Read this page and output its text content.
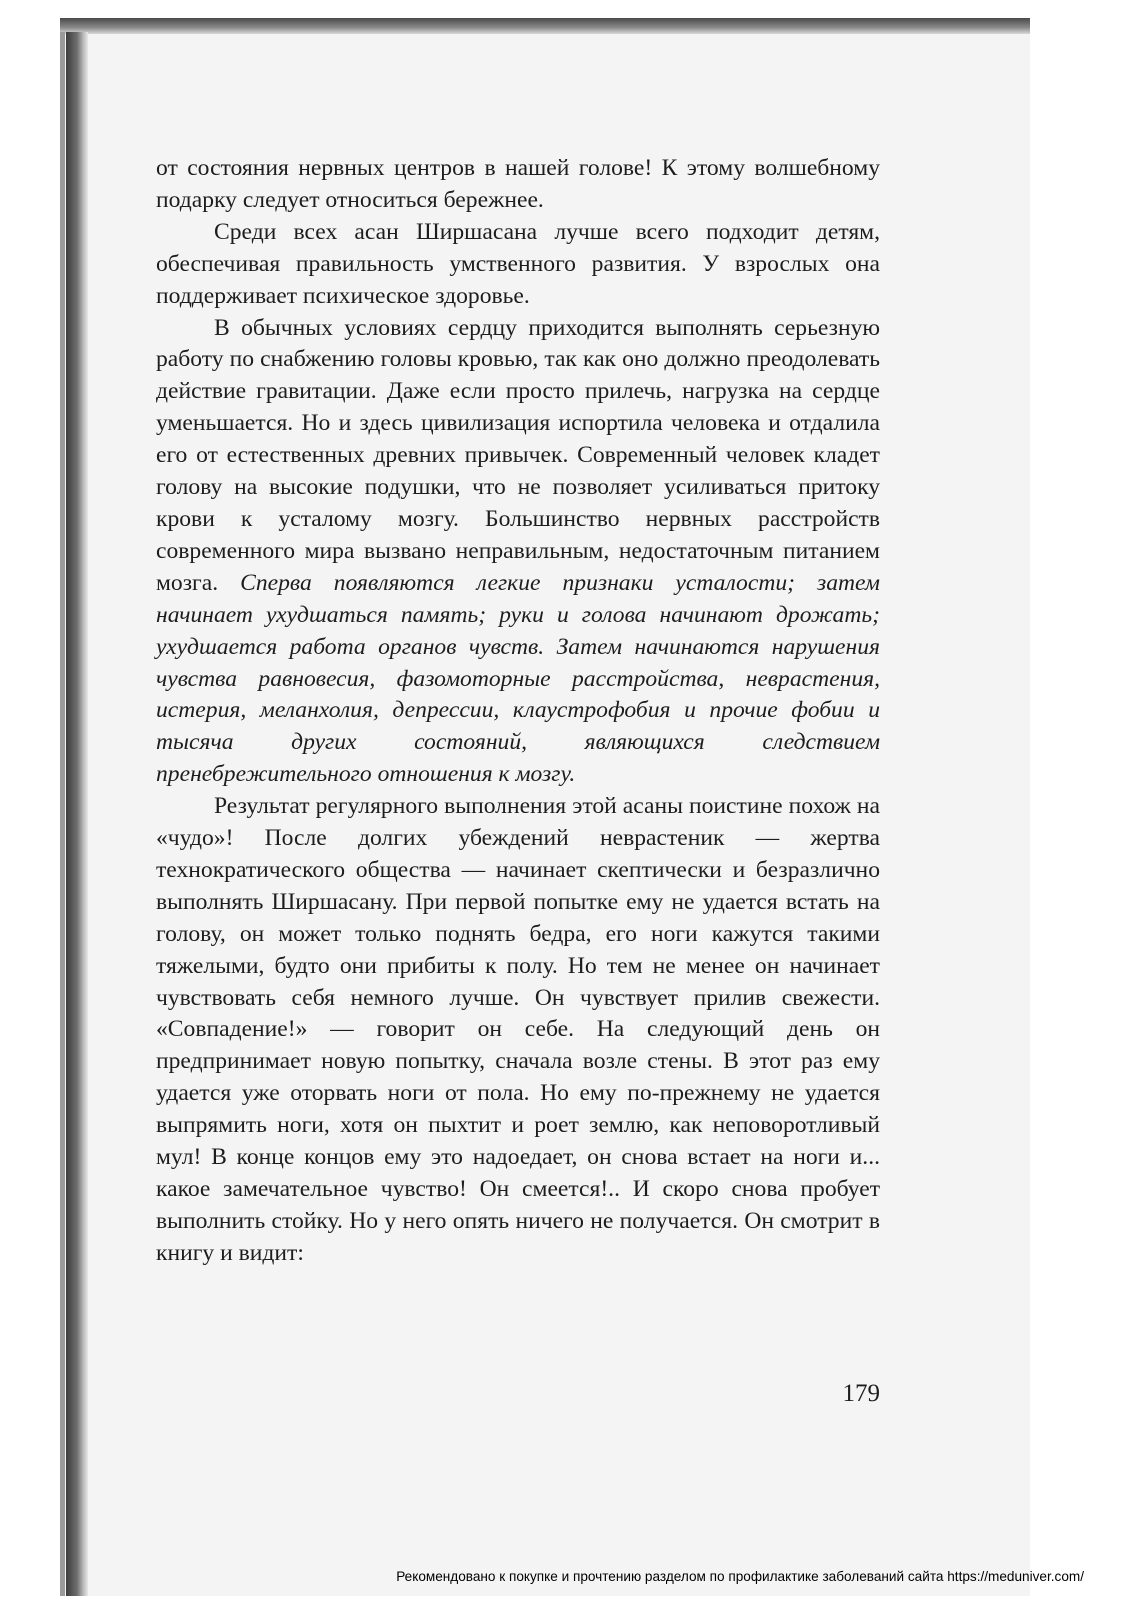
от состояния нервных центров в нашей голове! К этому волшебному подарку следует относиться бережнее.

Среди всех асан Ширшасана лучше всего подходит детям, обеспечивая правильность умственного развития. У взрослых она поддерживает психическое здоровье.

В обычных условиях сердцу приходится выполнять серьезную работу по снабжению головы кровью, так как оно должно преодолевать действие гравитации. Даже если просто прилечь, нагрузка на сердце уменьшается. Но и здесь цивилизация испортила человека и отдалила его от естественных древних привычек. Современный человек кладет голову на высокие подушки, что не позволяет усиливаться притоку крови к усталому мозгу. Большинство нервных расстройств современного мира вызвано неправильным, недостаточным питанием мозга. Сперва появляются легкие признаки усталости; затем начинает ухудшаться память; руки и голова начинают дрожать; ухудшается работа органов чувств. Затем начинаются нарушения чувства равновесия, фазомоторные расстройства, неврастения, истерия, меланхолия, депрессии, клаустрофобия и прочие фобии и тысяча других состояний, являющихся следствием пренебрежительного отношения к мозгу.

Результат регулярного выполнения этой асаны поистине похож на «чудо»! После долгих убеждений неврастеник — жертва технократического общества — начинает скептически и безразлично выполнять Ширшасану. При первой попытке ему не удается встать на голову, он может только поднять бедра, его ноги кажутся такими тяжелыми, будто они прибиты к полу. Но тем не менее он начинает чувствовать себя немного лучше. Он чувствует прилив свежести. «Совпадение!» — говорит он себе. На следующий день он предпринимает новую попытку, сначала возле стены. В этот раз ему удается уже оторвать ноги от пола. Но ему по-прежнему не удается выпрямить ноги, хотя он пыхтит и роет землю, как неповоротливый мул! В конце концов ему это надоедает, он снова встает на ноги и... какое замечательное чувство! Он смеется!.. И скоро снова пробует выполнить стойку. Но у него опять ничего не получается. Он смотрит в книгу и видит:

179
Рекомендовано к покупке и прочтению разделом по профилактике заболеваний сайта https://meduniver.com/
